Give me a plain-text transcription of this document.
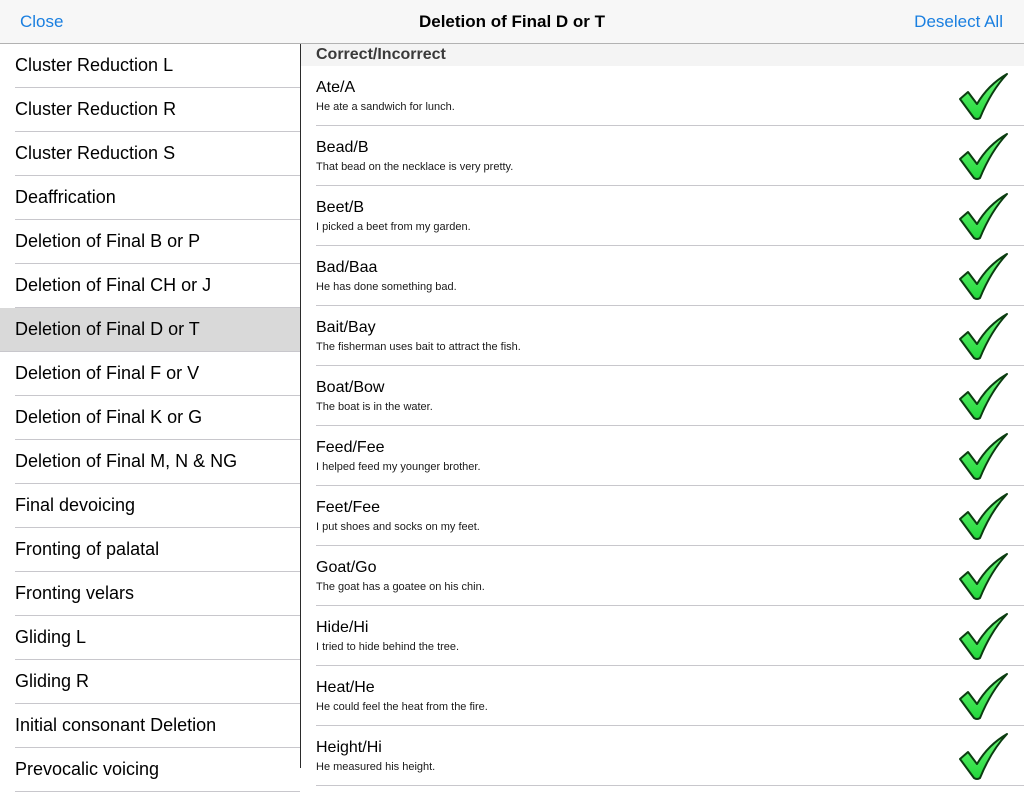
Close	Deletion of Final D or T	Deselect All
Cluster Reduction L
Cluster Reduction R
Cluster Reduction S
Deaffrication
Deletion of Final B or P
Deletion of Final CH or J
Deletion of Final D or T
Deletion of Final F or V
Deletion of Final K or G
Deletion of Final M, N & NG
Final devoicing
Fronting of palatal
Fronting velars
Gliding L
Gliding R
Initial consonant Deletion
Prevocalic voicing
Correct/Incorrect
Ate/A
He ate a sandwich for lunch.
Bead/B
That bead on the necklace is very pretty.
Beet/B
I picked a beet from my garden.
Bad/Baa
He has done something bad.
Bait/Bay
The fisherman uses bait to attract the fish.
Boat/Bow
The boat is in the water.
Feed/Fee
I helped feed my younger brother.
Feet/Fee
I put shoes and socks on my feet.
Goat/Go
The goat has a goatee on his chin.
Hide/Hi
I tried to hide behind the tree.
Heat/He
He could feel the heat from the fire.
Height/Hi
He measured his height.
